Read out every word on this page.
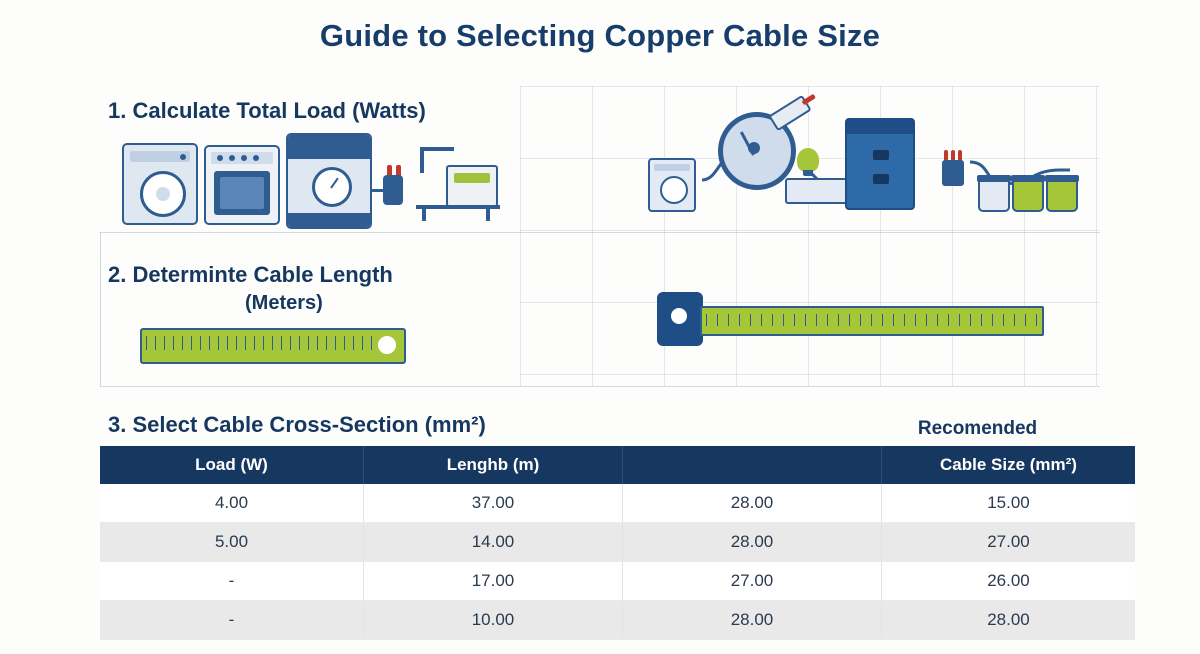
Guide to Selecting Copper Cable Size
1. Calculate Total Load (Watts)
2. Determinte Cable Length
(Meters)
3. Select Cable Cross-Section (mm²)	Recomended
Load (W)	Lenghb (m)		Cable Size (mm²)
4.00	37.00	28.00	15.00
5.00	14.00	28.00	27.00
-	17.00	27.00	26.00
-	10.00	28.00	28.00
